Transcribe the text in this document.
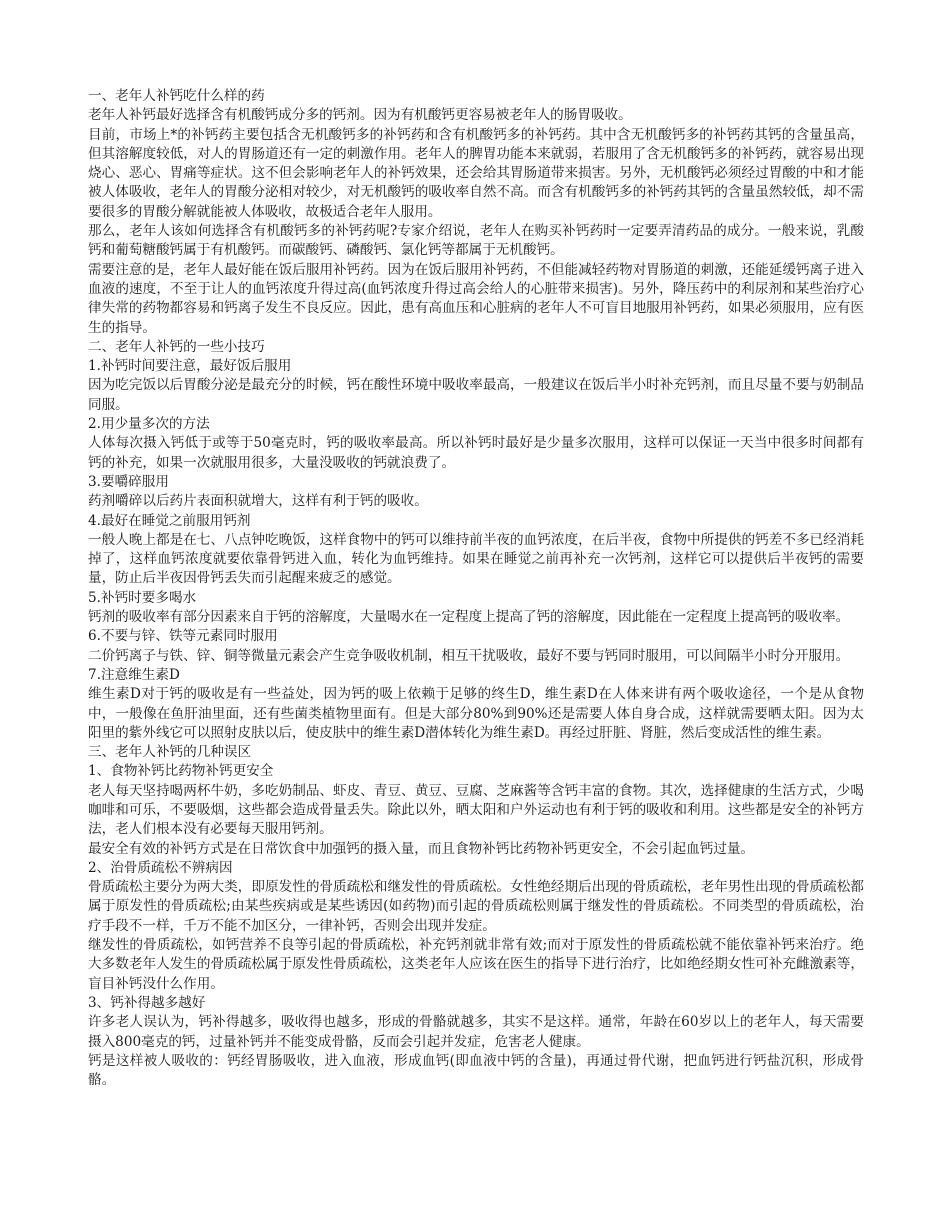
一、老年人补钙吃什么样的药

老年人补钙最好选择含有机酸钙成分多的钙剂。因为有机酸钙更容易被老年人的肠胃吸收。

目前，市场上*的补钙药主要包括含无机酸钙多的补钙药和含有机酸钙多的补钙药。其中含无机酸钙多的补钙药其钙的含量虽高，但其溶解度较低，对人的胃肠道还有一定的刺激作用。老年人的脾胃功能本来就弱，若服用了含无机酸钙多的补钙药，就容易出现烧心、恶心、胃痛等症状。这不但会影响老年人的补钙效果，还会给其胃肠道带来损害。另外，无机酸钙必须经过胃酸的中和才能被人体吸收，老年人的胃酸分泌相对较少，对无机酸钙的吸收率自然不高。而含有机酸钙多的补钙药其钙的含量虽然较低，却不需要很多的胃酸分解就能被人体吸收，故极适合老年人服用。

那么，老年人该如何选择含有机酸钙多的补钙药呢?专家介绍说，老年人在购买补钙药时一定要弄清药品的成分。一般来说，乳酸钙和葡萄糖酸钙属于有机酸钙。而碳酸钙、磷酸钙、氯化钙等都属于无机酸钙。

需要注意的是，老年人最好能在饭后服用补钙药。因为在饭后服用补钙药，不但能减轻药物对胃肠道的刺激，还能延缓钙离子进入血液的速度，不至于让人的血钙浓度升得过高(血钙浓度升得过高会给人的心脏带来损害)。另外，降压药中的利尿剂和某些治疗心律失常的药物都容易和钙离子发生不良反应。因此，患有高血压和心脏病的老年人不可盲目地服用补钙药，如果必须服用，应有医生的指导。

二、老年人补钙的一些小技巧

1.补钙时间要注意，最好饭后服用

因为吃完饭以后胃酸分泌是最充分的时候，钙在酸性环境中吸收率最高，一般建议在饭后半小时补充钙剂，而且尽量不要与奶制品同服。

2.用少量多次的方法

人体每次摄入钙低于或等于50毫克时，钙的吸收率最高。所以补钙时最好是少量多次服用，这样可以保证一天当中很多时间都有钙的补充，如果一次就服用很多，大量没吸收的钙就浪费了。

3.要嚼碎服用

药剂嚼碎以后药片表面积就增大，这样有利于钙的吸收。

4.最好在睡觉之前服用钙剂

一般人晚上都是在七、八点钟吃晚饭，这样食物中的钙可以维持前半夜的血钙浓度，在后半夜，食物中所提供的钙差不多已经消耗掉了，这样血钙浓度就要依靠骨钙进入血，转化为血钙维持。如果在睡觉之前再补充一次钙剂，这样它可以提供后半夜钙的需要量，防止后半夜因骨钙丢失而引起醒来疲乏的感觉。

5.补钙时要多喝水

钙剂的吸收率有部分因素来自于钙的溶解度，大量喝水在一定程度上提高了钙的溶解度，因此能在一定程度上提高钙的吸收率。

6.不要与锌、铁等元素同时服用

二价钙离子与铁、锌、铜等微量元素会产生竞争吸收机制，相互干扰吸收，最好不要与钙同时服用，可以间隔半小时分开服用。

7.注意维生素D

维生素D对于钙的吸收是有一些益处，因为钙的吸上依赖于足够的终生D，维生素D在人体来讲有两个吸收途径，一个是从食物中，一般像在鱼肝油里面，还有些菌类植物里面有。但是大部分80%到90%还是需要人体自身合成，这样就需要晒太阳。因为太阳里的紫外线它可以照射皮肤以后，使皮肤中的维生素D潜体转化为维生素D。再经过肝脏、肾脏，然后变成活性的维生素。

三、老年人补钙的几种误区

1、食物补钙比药物补钙更安全

老人每天坚持喝两杯牛奶，多吃奶制品、虾皮、青豆、黄豆、豆腐、芝麻酱等含钙丰富的食物。其次，选择健康的生活方式，少喝咖啡和可乐，不要吸烟，这些都会造成骨量丢失。除此以外，晒太阳和户外运动也有利于钙的吸收和利用。这些都是安全的补钙方法，老人们根本没有必要每天服用钙剂。

最安全有效的补钙方式是在日常饮食中加强钙的摄入量，而且食物补钙比药物补钙更安全，不会引起血钙过量。

2、治骨质疏松不辨病因

骨质疏松主要分为两大类，即原发性的骨质疏松和继发性的骨质疏松。女性绝经期后出现的骨质疏松，老年男性出现的骨质疏松都属于原发性的骨质疏松;由某些疾病或是某些诱因(如药物)而引起的骨质疏松则属于继发性的骨质疏松。不同类型的骨质疏松，治疗手段不一样，千万不能不加区分，一律补钙，否则会出现并发症。

继发性的骨质疏松，如钙营养不良等引起的骨质疏松，补充钙剂就非常有效;而对于原发性的骨质疏松就不能依靠补钙来治疗。绝大多数老年人发生的骨质疏松属于原发性骨质疏松，这类老年人应该在医生的指导下进行治疗，比如绝经期女性可补充雌激素等，盲目补钙没什么作用。

3、钙补得越多越好

许多老人误认为，钙补得越多，吸收得也越多，形成的骨骼就越多，其实不是这样。通常，年龄在60岁以上的老年人，每天需要摄入800毫克的钙，过量补钙并不能变成骨骼，反而会引起并发症，危害老人健康。

钙是这样被人吸收的：钙经胃肠吸收，进入血液，形成血钙(即血液中钙的含量)，再通过骨代谢，把血钙进行钙盐沉积，形成骨骼。
